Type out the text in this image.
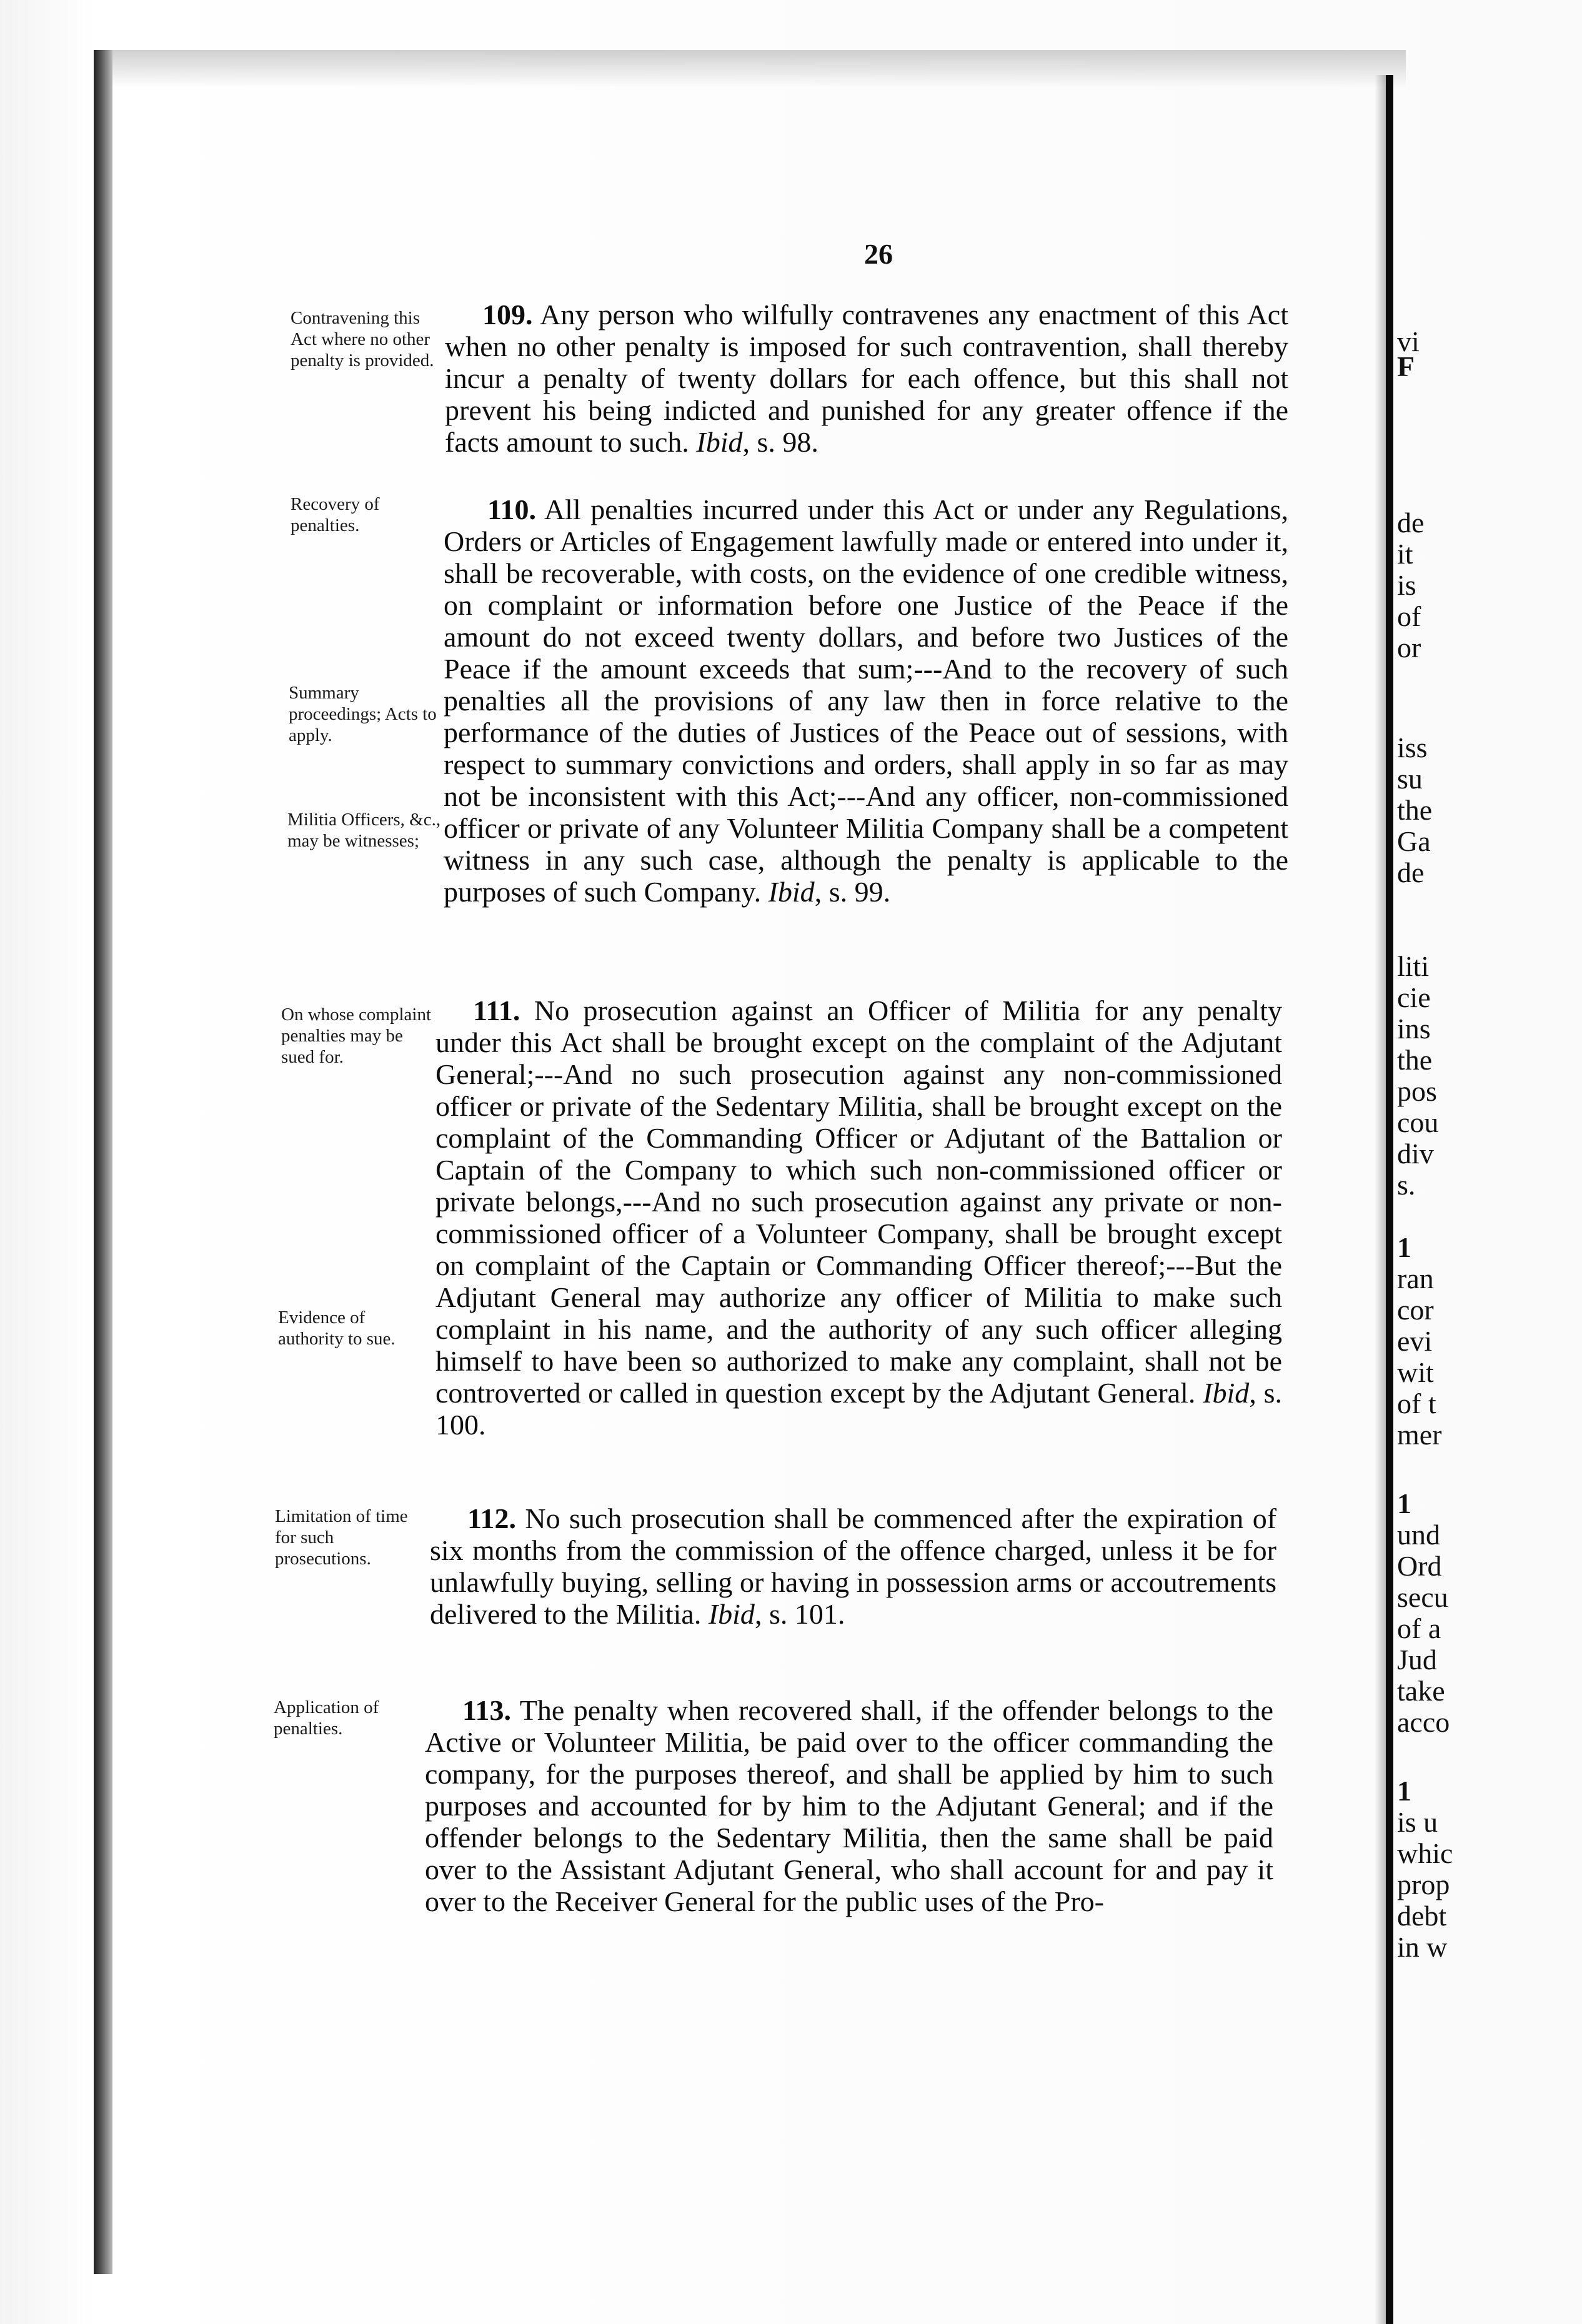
26
Contravening this Act where no other penalty is provided.
Recovery of penalties.
Summary proceedings; Acts to apply.
Militia Officers, &c., may be witnesses;
On whose complaint penalties may be sued for.
Evidence of authority to sue.
Limitation of time for such prosecutions.
Application of penalties.
109. Any person who wilfully contravenes any enactment of this Act when no other penalty is imposed for such contravention, shall thereby incur a penalty of twenty dollars for each offence, but this shall not prevent his being indicted and punished for any greater offence if the facts amount to such. Ibid, s. 98.
110. All penalties incurred under this Act or under any Regulations, Orders or Articles of Engagement lawfully made or entered into under it, shall be recoverable, with costs, on the evidence of one credible witness, on complaint or information before one Justice of the Peace if the amount do not exceed twenty dollars, and before two Justices of the Peace if the amount exceeds that sum;---And to the recovery of such penalties all the provisions of any law then in force relative to the performance of the duties of Justices of the Peace out of sessions, with respect to summary convictions and orders, shall apply in so far as may not be inconsistent with this Act;---And any officer, non-commissioned officer or private of any Volunteer Militia Company shall be a competent witness in any such case, although the penalty is applicable to the purposes of such Company. Ibid, s. 99.
111. No prosecution against an Officer of Militia for any penalty under this Act shall be brought except on the complaint of the Adjutant General;---And no such prosecution against any non-commissioned officer or private of the Sedentary Militia, shall be brought except on the complaint of the Commanding Officer or Adjutant of the Battalion or Captain of the Company to which such non-commissioned officer or private belongs,---And no such prosecution against any private or non-commissioned officer of a Volunteer Company, shall be brought except on complaint of the Captain or Commanding Officer thereof;---But the Adjutant General may authorize any officer of Militia to make such complaint in his name, and the authority of any such officer alleging himself to have been so authorized to make any complaint, shall not be controverted or called in question except by the Adjutant General. Ibid, s. 100.
112. No such prosecution shall be commenced after the expiration of six months from the commission of the offence charged, unless it be for unlawfully buying, selling or having in possession arms or accoutrements delivered to the Militia. Ibid, s. 101.
113. The penalty when recovered shall, if the offender belongs to the Active or Volunteer Militia, be paid over to the officer commanding the company, for the purposes thereof, and shall be applied by him to such purposes and accounted for by him to the Adjutant General; and if the offender belongs to the Sedentary Militia, then the same shall be paid over to the Assistant Adjutant General, who shall account for and pay it over to the Receiver General for the public uses of the Pro-
vi
F
de
it
is
of
or
iss
su
the
Ga
de
liti
cie
ins
the
pos
cou
div
s.
1
ran
cor
evi
wit
of t
mer
1
und
Ord
secu
of a
Jud
take
acco
1
is u
whic
prop
debt
in w
